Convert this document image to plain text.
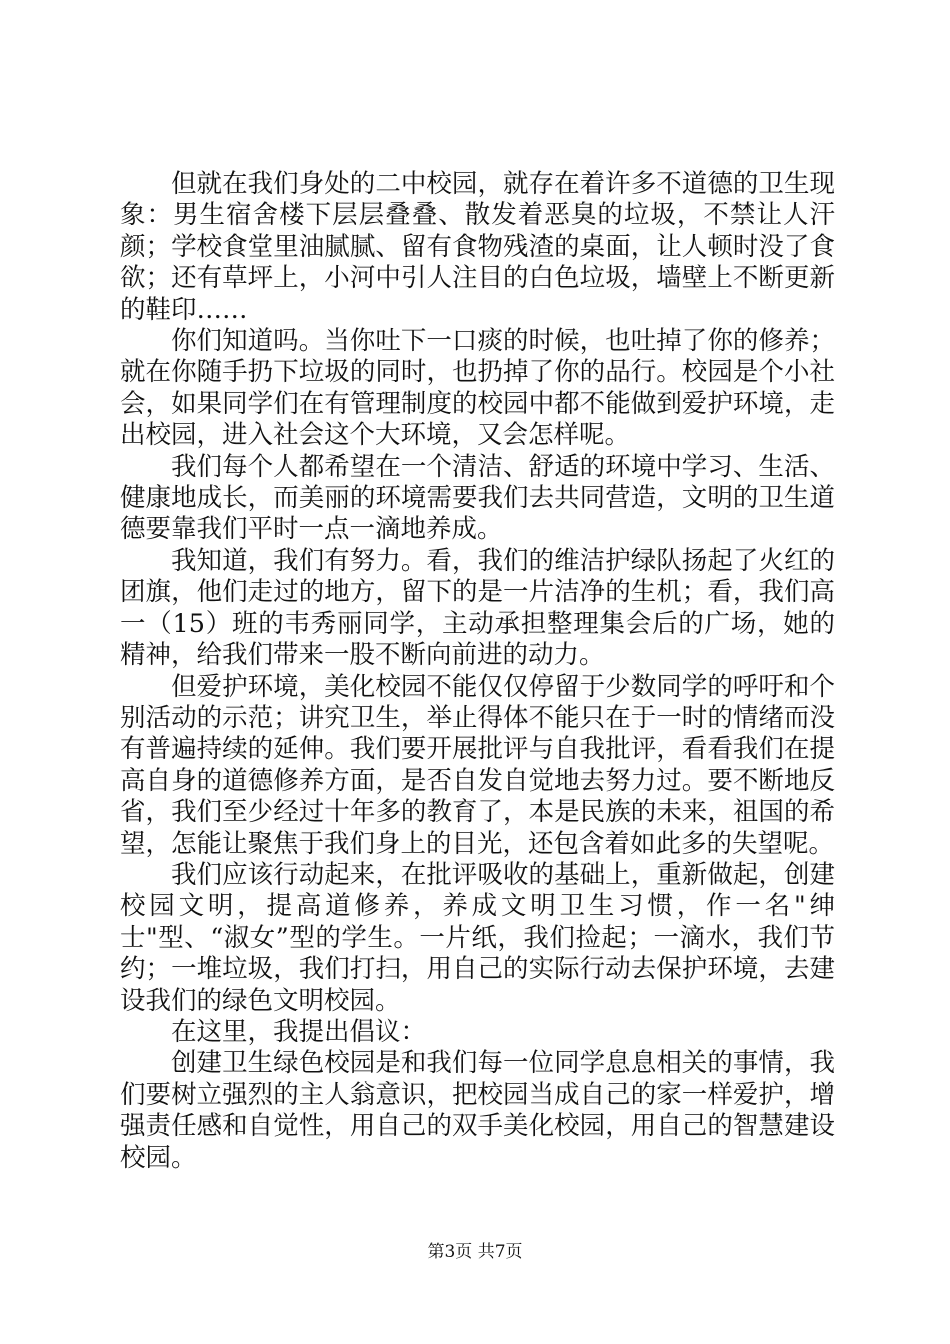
但就在我们身处的二中校园，就存在着许多不道德的卫生现象：男生宿舍楼下层层叠叠、散发着恶臭的垃圾，不禁让人汗颜；学校食堂里油腻腻、留有食物残渣的桌面，让人顿时没了食欲；还有草坪上，小河中引人注目的白色垃圾，墙壁上不断更新的鞋印……

你们知道吗。当你吐下一口痰的时候，也吐掉了你的修养；就在你随手扔下垃圾的同时，也扔掉了你的品行。校园是个小社会，如果同学们在有管理制度的校园中都不能做到爱护环境，走出校园，进入社会这个大环境，又会怎样呢。

我们每个人都希望在一个清洁、舒适的环境中学习、生活、健康地成长，而美丽的环境需要我们去共同营造，文明的卫生道德要靠我们平时一点一滴地养成。

我知道，我们有努力。看，我们的维洁护绿队扬起了火红的团旗，他们走过的地方，留下的是一片洁净的生机；看，我们高一（15）班的韦秀丽同学，主动承担整理集会后的广场，她的精神，给我们带来一股不断向前进的动力。

但爱护环境，美化校园不能仅仅停留于少数同学的呼吁和个别活动的示范；讲究卫生，举止得体不能只在于一时的情绪而没有普遍持续的延伸。我们要开展批评与自我批评，看看我们在提高自身的道德修养方面，是否自发自觉地去努力过。要不断地反省，我们至少经过十年多的教育了，本是民族的未来，祖国的希望，怎能让聚焦于我们身上的目光，还包含着如此多的失望呢。

我们应该行动起来，在批评吸收的基础上，重新做起，创建校园文明，提高道修养，养成文明卫生习惯，作一名"绅士"型、“淑女”型的学生。一片纸，我们捡起；一滴水，我们节约；一堆垃圾，我们打扫，用自己的实际行动去保护环境，去建设我们的绿色文明校园。

在这里，我提出倡议：

创建卫生绿色校园是和我们每一位同学息息相关的事情，我们要树立强烈的主人翁意识，把校园当成自己的家一样爱护，增强责任感和自觉性，用自己的双手美化校园，用自己的智慧建设校园。

第3页 共7页
